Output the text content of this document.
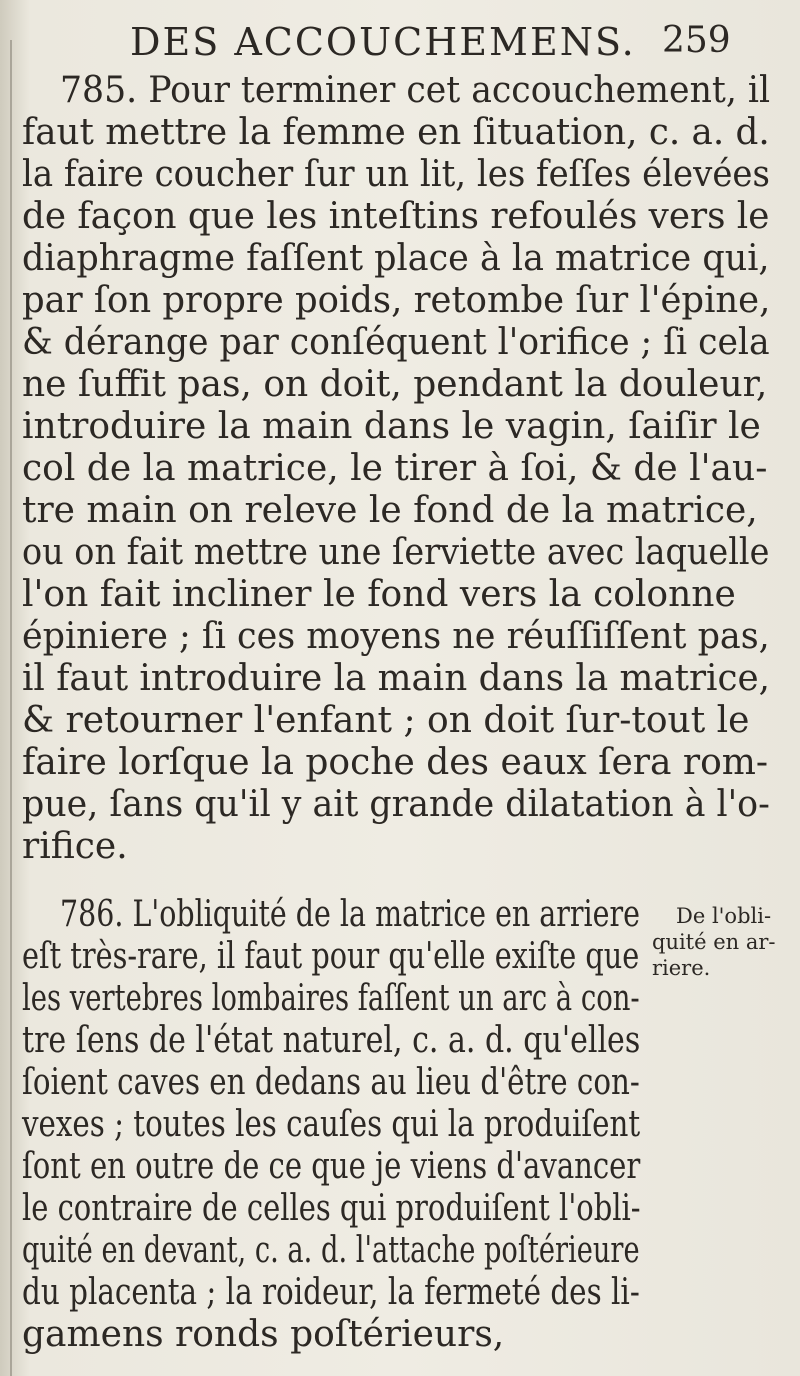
DES ACCOUCHEMENS. 259
785. Pour terminer cet accouchement, il
faut mettre la femme en ſituation, c. a. d.
la faire coucher ſur un lit, les feſſes élevées
de façon que les inteſtins refoulés vers le
diaphragme faſſent place à la matrice qui,
par ſon propre poids, retombe ſur l'épine,
& dérange par conſéquent l'orifice ; ſi cela
ne ſuffit pas, on doit, pendant la douleur,
introduire la main dans le vagin, ſaiſir le
col de la matrice, le tirer à ſoi, & de l'au-
tre main on releve le fond de la matrice,
ou on fait mettre une ſerviette avec laquelle
l'on fait incliner le fond vers la colonne
épiniere ; ſi ces moyens ne réuſſiſſent pas,
il faut introduire la main dans la matrice,
& retourner l'enfant ; on doit ſur-tout le
faire lorſque la poche des eaux ſera rom-
pue, ſans qu'il y ait grande dilatation à l'o-
rifice.
786. L'obliquité de la matrice en arriere
eſt très-rare, il faut pour qu'elle exiſte que
les vertebres lombaires faſſent un arc à con-
tre ſens de l'état naturel, c. a. d. qu'elles
ſoient caves en dedans au lieu d'être con-
vexes ; toutes les cauſes qui la produiſent
ſont en outre de ce que je viens d'avancer
le contraire de celles qui produiſent l'obli-
quité en devant, c. a. d. l'attache poſtérieure
du placenta ; la roideur, la fermeté des li-
gamens ronds poſtérieurs,
De l'obli-
quité en ar-
riere.
